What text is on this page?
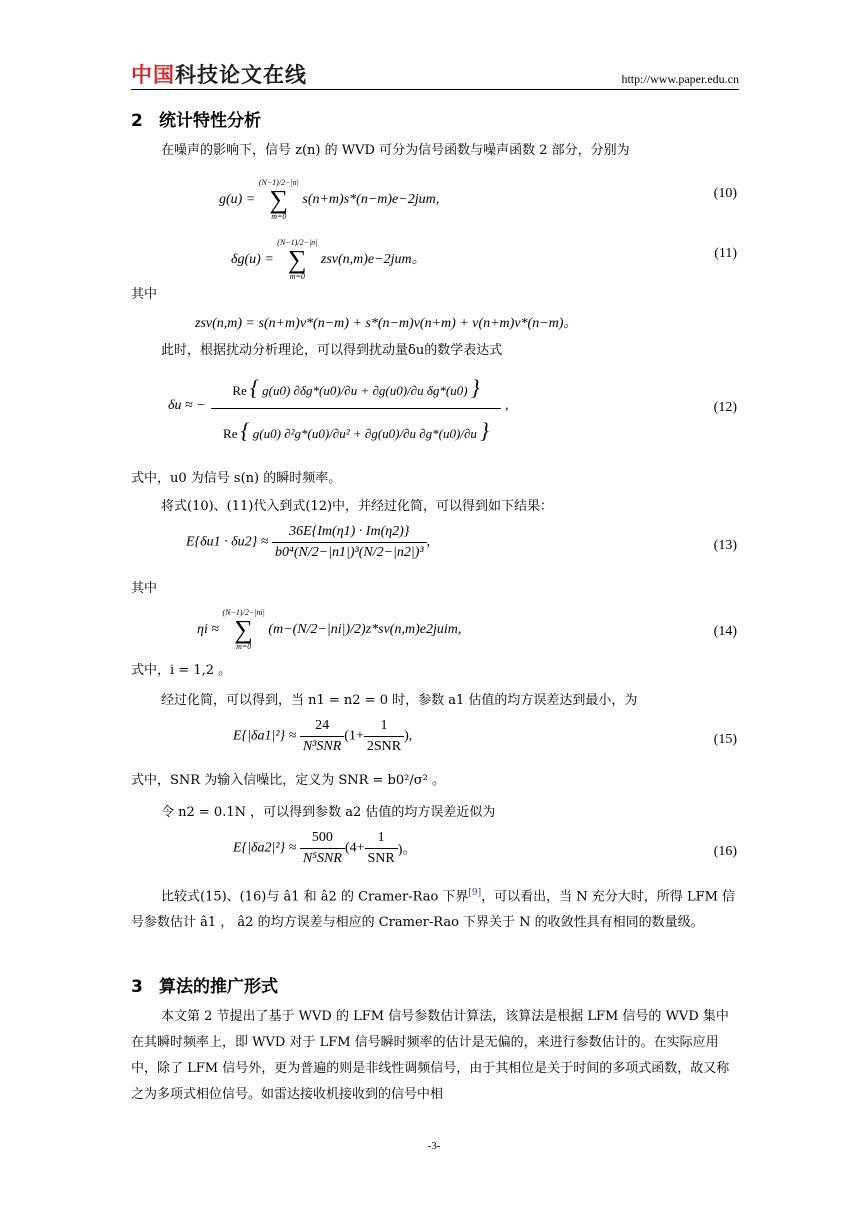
中国科技论文在线	http://www.paper.edu.cn
2 统计特性分析
在噪声的影响下，信号 z(n) 的 WVD 可分为信号函数与噪声函数 2 部分，分别为
g(u) =
(N−1)/2−|n|
∑
m=0
s(n+m)s*(n−m)e−2jum,	(10)
δg(u) =
(N−1)/2−|n|
∑
m=0
zsv(n,m)e−2jum。	(11)
其中
zsv(n,m) = s(n+m)v*(n−m) + s*(n−m)v(n+m) + v(n+m)v*(n−m)。
此时，根据扰动分析理论，可以得到扰动量δu的数学表达式
δu ≈ −
Re { g(u0) ∂δg*(u0)/∂u + ∂g(u0)/∂u δg*(u0) }
Re { g(u0) ∂²g*(u0)/∂u² + ∂g(u0)/∂u ∂g*(u0)/∂u }
,	(12)
式中，u0 为信号 s(n) 的瞬时频率。
将式(10)、(11)代入到式(12)中，并经过化简，可以得到如下结果：
$E\{\delta u1 \cdot \delta u2\} \approx \frac{36E\{Im(\eta 1) \cdot Im(\eta 2)\}}{\text{b0⁴(N/2−|n1|)³(N/2−|n2|)³}}$ ,	(13)
其中
ηi ≈
(N−1)/2−|ni|
∑
m=0
(m−(N/2−|ni|)/2)z*sv(n,m)e2juim,	(14)
式中，i = 1,2 。
经过化简，可以得到，当 n1 = n2 = 0 时，参数 a1 估值的均方误差达到最小，为
$E\{|\delta a1|^2\} \approx \frac{24}{\text{N³SNR}} (1+ \frac{1}{\text{2SNR}}$ ),	(15)
式中，SNR 为输入信噪比，定义为 SNR = b0²/σ² 。
令 n2 = 0.1N ，可以得到参数 a2 估值的均方误差近似为
$E\{|\delta a2|^2\} \approx \frac{500}{\text{N⁵SNR}} (4+ \frac{1}{\text{SNR}}$ )。	(16)
比较式(15)、(16)与 â1 和 â2 的 Cramer-Rao 下界[9]，可以看出，当 N 充分大时，所得 LFM 信号参数估计 â1 ， â2 的均方误差与相应的 Cramer-Rao 下界关于 N 的收敛性具有相同的数量级。
3 算法的推广形式
本文第 2 节提出了基于 WVD 的 LFM 信号参数估计算法，该算法是根据 LFM 信号的 WVD 集中在其瞬时频率上，即 WVD 对于 LFM 信号瞬时频率的估计是无偏的，来进行参数估计的。在实际应用中，除了 LFM 信号外，更为普遍的则是非线性调频信号，由于其相位是关于时间的多项式函数，故又称之为多项式相位信号。如雷达接收机接收到的信号中相
-3-
